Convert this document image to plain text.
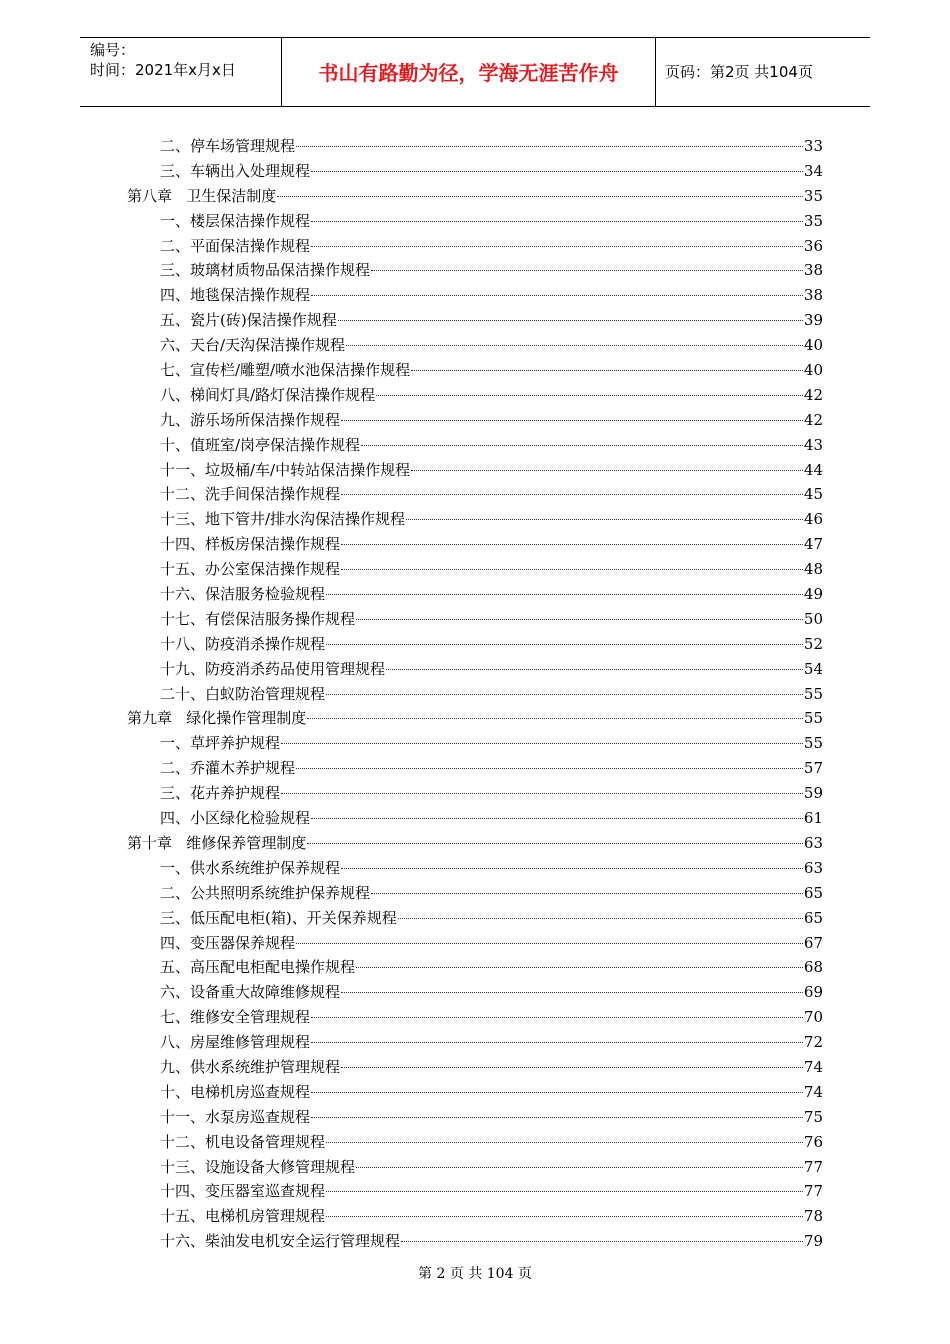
编号：
时间：2021年x月x日	书山有路勤为径，学海无涯苦作舟	页码：第2页 共104页
二、停车场管理规程	33
三、车辆出入处理规程	34
第八章   卫生保洁制度	35
一、楼层保洁操作规程	35
二、平面保洁操作规程	36
三、玻璃材质物品保洁操作规程	38
四、地毯保洁操作规程	38
五、瓷片(砖)保洁操作规程	39
六、天台/天沟保洁操作规程	40
七、宣传栏/雕塑/喷水池保洁操作规程	40
八、梯间灯具/路灯保洁操作规程	42
九、游乐场所保洁操作规程	42
十、值班室/岗亭保洁操作规程	43
十一、垃圾桶/车/中转站保洁操作规程	44
十二、洗手间保洁操作规程	45
十三、地下管井/排水沟保洁操作规程	46
十四、样板房保洁操作规程	47
十五、办公室保洁操作规程	48
十六、保洁服务检验规程	49
十七、有偿保洁服务操作规程	50
十八、防疫消杀操作规程	52
十九、防疫消杀药品使用管理规程	54
二十、白蚁防治管理规程	55
第九章   绿化操作管理制度	55
一、草坪养护规程	55
二、乔灌木养护规程	57
三、花卉养护规程	59
四、小区绿化检验规程	61
第十章   维修保养管理制度	63
一、供水系统维护保养规程	63
二、公共照明系统维护保养规程	65
三、低压配电柜(箱)、开关保养规程	65
四、变压器保养规程	67
五、高压配电柜配电操作规程	68
六、设备重大故障维修规程	69
七、维修安全管理规程	70
八、房屋维修管理规程	72
九、供水系统维护管理规程	74
十、电梯机房巡查规程	74
十一、水泵房巡查规程	75
十二、机电设备管理规程	76
十三、设施设备大修管理规程	77
十四、变压器室巡查规程	77
十五、电梯机房管理规程	78
十六、柴油发电机安全运行管理规程	79
第 2 页 共 104 页
